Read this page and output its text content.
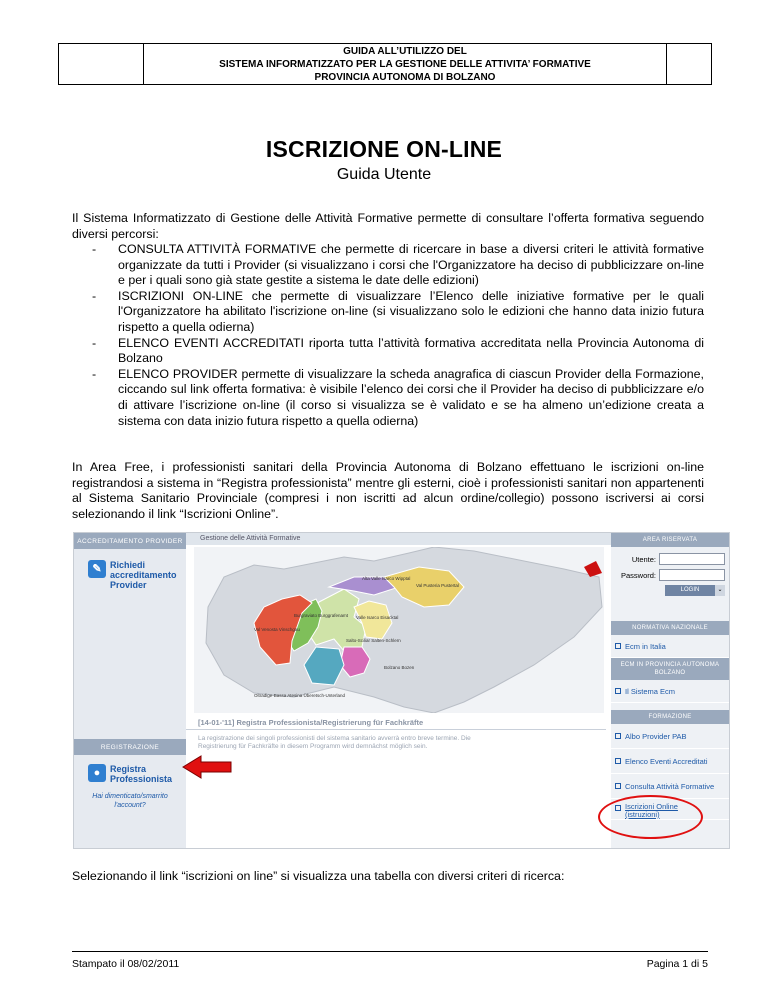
GUIDA ALL’UTILIZZO DEL
SISTEMA INFORMATIZZATO PER LA GESTIONE DELLE ATTIVITA’ FORMATIVE
PROVINCIA AUTONOMA DI BOLZANO
ISCRIZIONE ON-LINE
Guida Utente
Il Sistema Informatizzato di Gestione delle Attività Formative permette di consultare l’offerta formativa seguendo diversi percorsi:
- CONSULTA ATTIVITÀ FORMATIVE che permette di ricercare in base a diversi criteri le attività formative organizzate da tutti i Provider (si visualizzano i corsi che l'Organizzatore ha deciso di pubblicizzare on-line e per i quali sono già state gestite a sistema le date delle edizioni)
- ISCRIZIONI ON-LINE che permette di visualizzare l’Elenco delle iniziative formative per le quali l'Organizzatore ha abilitato l'iscrizione on-line (si visualizzano solo le edizioni che hanno data inizio futura rispetto a quella odierna)
- ELENCO EVENTI ACCREDITATI riporta tutta l’attività formativa accreditata nella Provincia Autonoma di Bolzano
- ELENCO PROVIDER permette di visualizzare la scheda anagrafica di ciascun Provider della Formazione, ciccando sul link offerta formativa: è visibile l’elenco dei corsi che il Provider ha deciso di pubblicizzare e/o di attivare l’iscrizione on-line (il corso si visualizza se è validato e se ha almeno un’edizione creata a sistema con data inizio futura rispetto a quella odierna)
In Area Free, i professionisti sanitari della Provincia Autonoma di Bolzano effettuano le iscrizioni on-line registrandosi a sistema in “Registra professionista” mentre gli esterni, cioè i professionisti sanitari non appartenenti al Sistema Sanitario Provinciale (compresi i non iscritti ad alcun ordine/collegio) possono iscriversi ai corsi selezionando il link “Iscrizioni Online”.
ACCREDITAMENTO PROVIDER
✎ Richiedi
accreditamento
Provider
REGISTRAZIONE
●	Registra
Professionista
Hai dimenticato/smarrito
l'account?
Gestione delle Attività Formative
Alta Valle Isarco Wipptal
Val Pusteria Pustertal
Val Venosta Vinschgau
Burgraviato Burggrafenamt Valle Isarco Eisacktal
Salto-Sciliar Salten-Schlern
Bolzano Bozen
Oltradige-Bassa Atesina Überetsch-Unterland
[14-01-'11] Registra Professionista/Registrierung für Fachkräfte
La registrazione dei singoli professionisti del sistema sanitario avverrà entro breve termine. Die
Registrierung für Fachkräfte in diesem Programm wird demnächst möglich sein.
AREA RISERVATA
Utente:
Password:
LOGIN	⌄
NORMATIVA NAZIONALE
Ecm in Italia
ECM IN PROVINCIA AUTONOMA BOLZANO
Il Sistema Ecm
FORMAZIONE
Albo Provider PAB
Elenco Eventi Accreditati
Consulta Attività Formative
Iscrizioni Online
(istruzioni)
Selezionando il link “iscrizioni on line” si visualizza una tabella con diversi criteri di ricerca:
Stampato il 08/02/2011	Pagina 1 di 5
